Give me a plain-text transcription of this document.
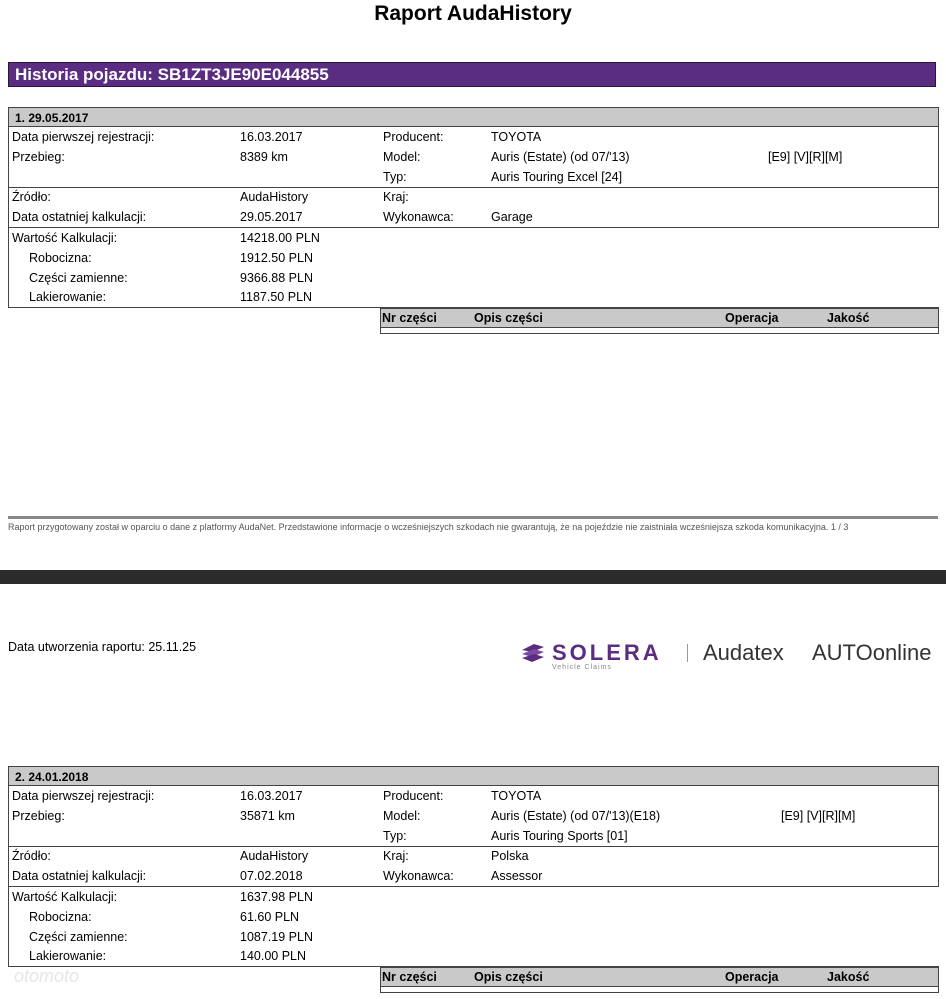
Raport AudaHistory
Historia pojazdu: SB1ZT3JE90E044855
1. 29.05.2017
Data pierwszej rejestracji:	16.03.2017	Producent:	TOYOTA
Przebieg:	8389 km	Model:	Auris (Estate) (od 07/'13)	[E9] [V][R][M]
Typ:	Auris Touring Excel [24]
Źródło:	AudaHistory	Kraj:
Data ostatniej kalkulacji:	29.05.2017	Wykonawca:	Garage
Wartość Kalkulacji:	14218.00 PLN
Robocizna:	1912.50 PLN
Części zamienne:	9366.88 PLN
Lakierowanie:	1187.50 PLN
Nr części	Opis części	Operacja	Jakość
Raport przygotowany został w oparciu o dane z platformy AudaNet. Przedstawione informacje o wcześniejszych szkodach nie gwarantują, że na pojeździe nie zaistniała wcześniejsza szkoda komunikacyjna. 1 / 3
Data utworzenia raportu: 25.11.25	SOLERA
Vehicle Claims
Audatex AUTOonline
2. 24.01.2018
Data pierwszej rejestracji:	16.03.2017	Producent:	TOYOTA
Przebieg:	35871 km	Model:	Auris (Estate) (od 07/'13)(E18)	[E9] [V][R][M]
Typ:	Auris Touring Sports [01]
Źródło:	AudaHistory	Kraj:	Polska
Data ostatniej kalkulacji:	07.02.2018	Wykonawca:	Assessor
Wartość Kalkulacji:	1637.98 PLN
Robocizna:	61.60 PLN
Części zamienne:	1087.19 PLN
Lakierowanie:	140.00 PLN
Nr części	Opis części	Operacja	Jakość
otomoto
